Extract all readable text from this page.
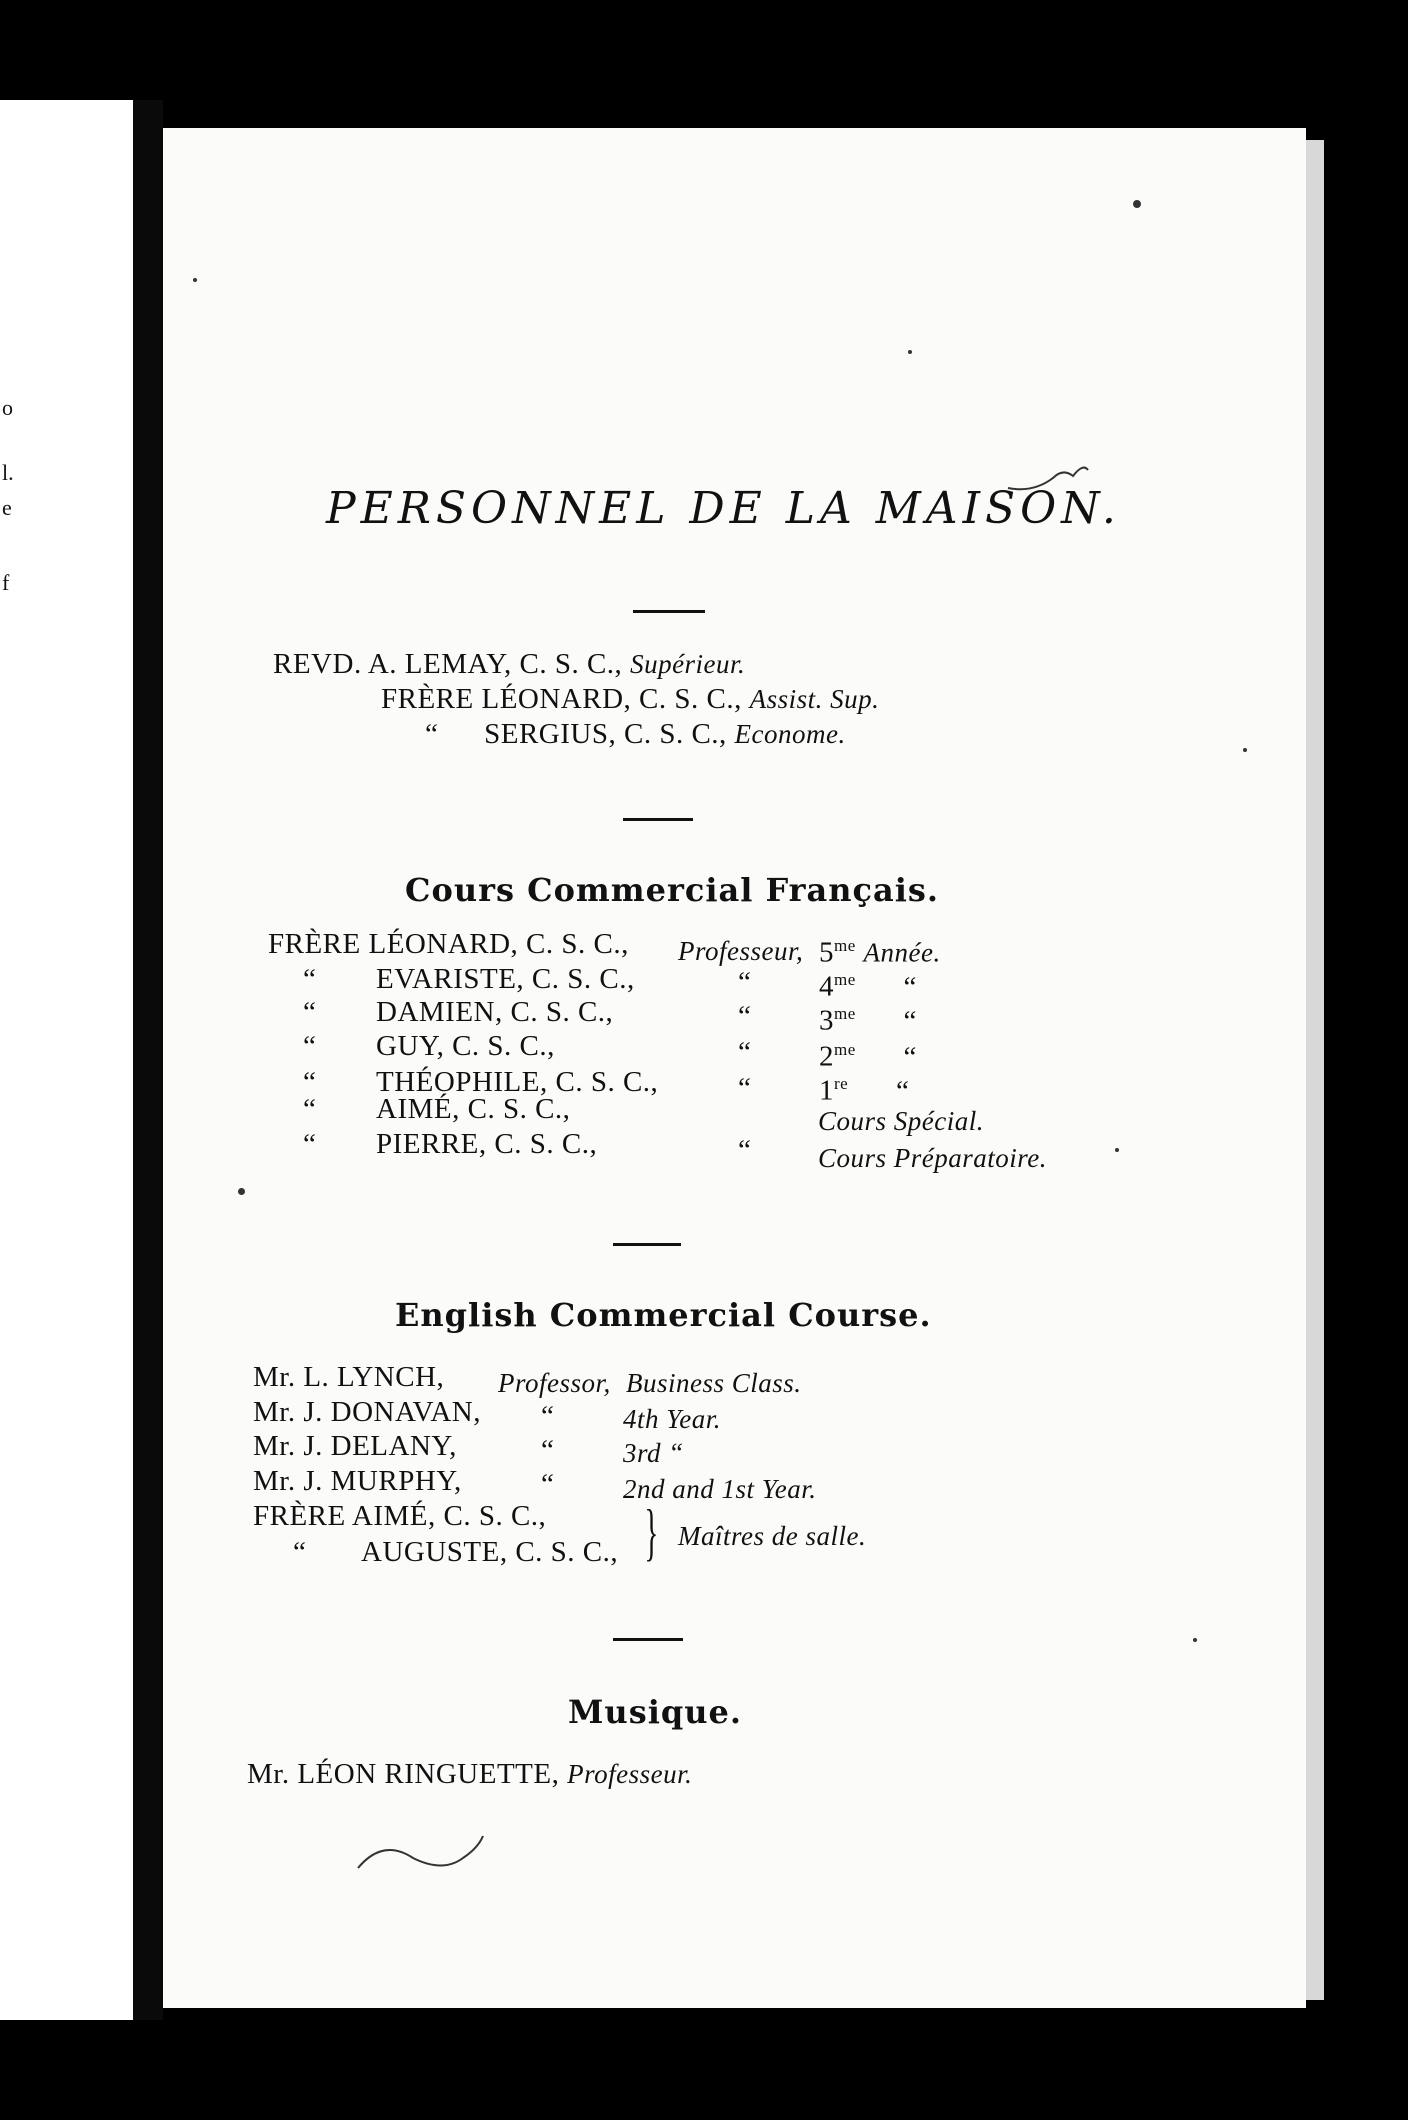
o
l.
e
f
PERSONNEL DE LA MAISON.
REVD. A. LEMAY, C. S. C., Supérieur.
FRÈRE LÉONARD, C. S. C., Assist. Sup.
“ SERGIUS, C. S. C., Econome.
Cours Commercial Français.
FRÈRE LÉONARD, C. S. C., Professeur, $5^{me}$ Année.
“ EVARISTE, C. S. C.,	“ $4^{me}$ “
“ DAMIEN, C. S. C.,	“ $3^{me}$ “
“ GUY, C. S. C.,	“ $2^{me}$ “
“ THÉOPHILE, C. S. C.,	“ 1re “
“ AIMÉ, C. S. C.,	Cours Spécial.
“ PIERRE, C. S. C.,	“ Cours Préparatoire.
English Commercial Course.
Mr. L. LYNCH, Professor, Business Class.
Mr. J. DONAVAN, “	4th Year.
Mr. J. DELANY,	“	3rd “
Mr. J. MURPHY,	“	2nd and 1st Year.
FRÈRE AIMÉ, C. S. C.,
“ AUGUSTE, C. S. C., } Maîtres de salle.
Musique.
Mr. LÉON RINGUETTE, Professeur.
